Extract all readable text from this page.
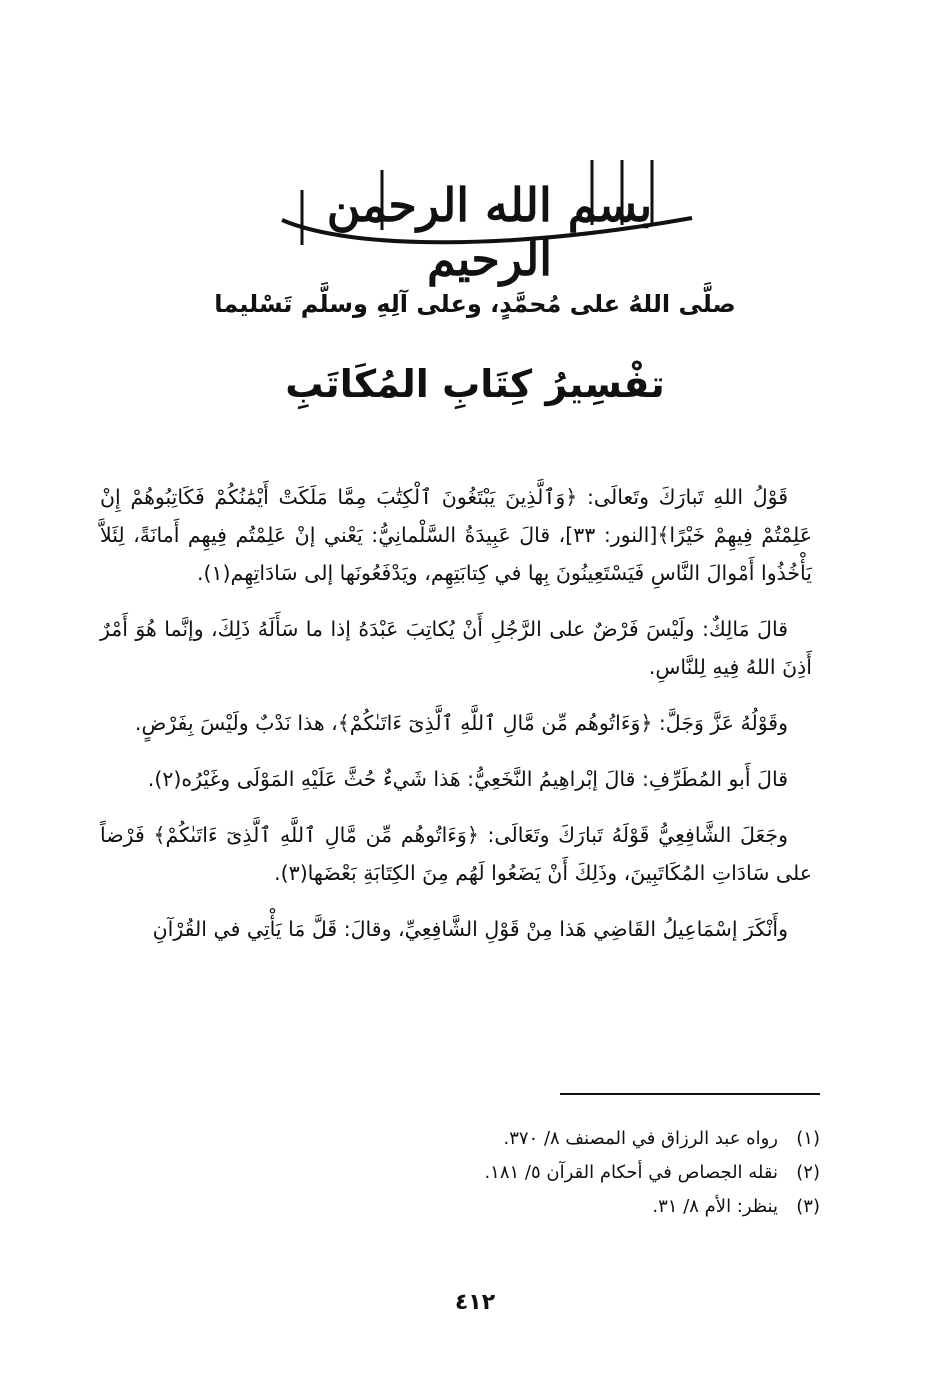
بسم الله الرحمن الرحيم
صلَّى اللهُ على مُحمَّدٍ، وعلى آلِهِ وسلَّم تَسْليما
تفْسِيرُ كِتَابِ المُكَاتَبِ

قَوْلُ اللهِ تَبارَكَ وتَعالَى: ﴿وَٱلَّذِينَ يَبْتَغُونَ ٱلْكِتَٰبَ مِمَّا مَلَكَتْ أَيْمَٰنُكُمْ فَكَاتِبُوهُمْ إِنْ عَلِمْتُمْ فِيهِمْ خَيْرًا﴾[النور: ٣٣]، قالَ عَبِيدَةُ السَّلْمانِيُّ: يَعْني إنْ عَلِمْتُم فِيهِم أَمانَةً، لِئَلاَّ يَأْخُذُوا أَمْوالَ النَّاسِ فَيَسْتَعِينُونَ بِها في كِتابَتِهِم، ويَدْفَعُونَها إلى سَادَاتِهِم(١).

قالَ مَالِكٌ: ولَيْسَ فَرْضٌ على الرَّجُلِ أَنْ يُكاتِبَ عَبْدَهُ إذا ما سَأَلَهُ ذَلِكَ، وإنَّما هُوَ أَمْرٌ أَذِنَ اللهُ فِيهِ لِلنَّاسِ.

وقَوْلُهُ عَزَّ وَجَلَّ: ﴿وَءَاتُوهُم مِّن مَّالِ ٱللَّهِ ٱلَّذِىٓ ءَاتَىٰكُمْ﴾، هذا نَدْبٌ ولَيْسَ بِفَرْضٍ.

قالَ أَبو المُطَرِّفِ: قالَ إبْراهِيمُ النَّخَعِيُّ: هَذا شَيءٌ حُثَّ عَلَيْهِ المَوْلَى وغَيْرُه(٢).

وجَعَلَ الشَّافِعِيُّ قَوْلَهُ تَبارَكَ وتَعَالَى: ﴿وَءَاتُوهُم مِّن مَّالِ ٱللَّهِ ٱلَّذِىٓ ءَاتَىٰكُمْ﴾ فَرْضاً على سَادَاتِ المُكَاتَبِينَ، وذَلِكَ أَنْ يَضَعُوا لَهُم مِنَ الكِتَابَةِ بَعْضَها(٣).

وأَنْكَرَ إسْمَاعِيلُ القَاضِي هَذا مِنْ قَوْلِ الشَّافِعِيِّ، وقالَ: قَلَّ مَا يَأْتِي في القُرْآنِ

(١)
رواه عبد الرزاق في المصنف ٨/ ٣٧٠.
(٢)
نقله الجصاص في أحكام القرآن ٥/ ١٨١.
(٣)
ينظر: الأم ٨/ ٣١.
٤١٢
